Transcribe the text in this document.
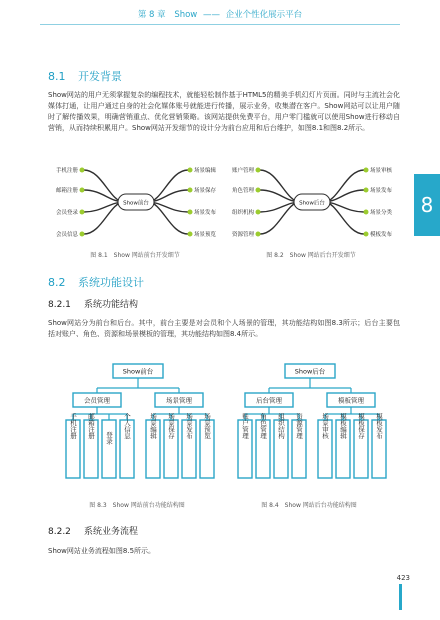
第 8 章 Show —— 企业个性化展示平台
8.1 开发背景
Show网站的用户无须掌握复杂的编程技术，就能轻松制作基于HTML5的精美手机幻灯片页面。同时与主流社会化媒体打通，让用户通过自身的社会化媒体账号就能进行传播，展示业务，收集潜在客户。Show网站可以让用户随时了解传播效果，明确营销重点、优化营销策略。该网站提供免费平台，用户零门槛就可以使用Show进行移动自营销，从而持续积累用户。Show网站开发细节的设计分为前台应用和后台维护，如图8.1和图8.2所示。
Show前台
手机注册
邮箱注册
会员登录
会员信息
场景编辑
场景保存
场景发布
场景预览
Show后台
账户管理
角色管理
组织机构
资源管理
场景审核
场景发布
场景分类
模板发布
图 8.1　Show 网站前台开发细节	图 8.2　Show 网站后台开发细节
8
8.2 系统功能设计
8.2.1 系统功能结构
Show网站分为前台和后台。其中，前台主要是对会员和个人场景的管理，其功能结构如图8.3所示；后台主要包括对账户、角色、资源和场景模板的管理，其功能结构如图8.4所示。
Show前台
会员管理	场景管理
手机注册 邮箱注册 登录 个人信息	场景编辑 场景保存 场景发布 场景预览
Show后台
后台管理	模板管理
账户管理 角色管理 组织结构 资源管理	场景审核 模板编辑 模板保存 模板发布
图 8.3　Show 网站前台功能结构图	图 8.4　Show 网站后台功能结构图
8.2.2 系统业务流程
Show网站业务流程如图8.5所示。
423
